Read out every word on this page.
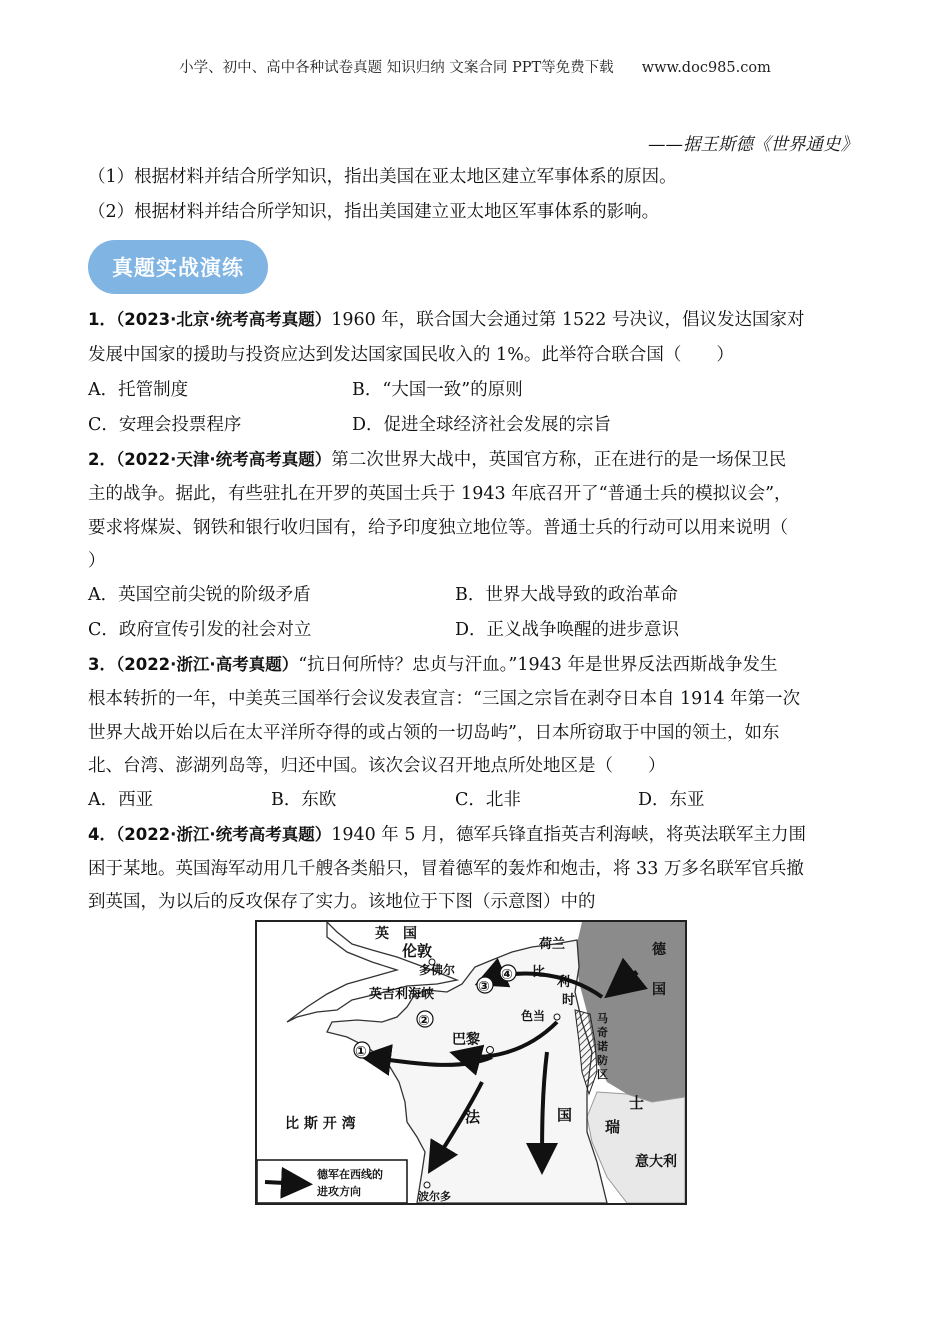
小学、初中、高中各种试卷真题 知识归纳 文案合同 PPT等免费下载 www.doc985.com
——据王斯德《世界通史》
（1）根据材料并结合所学知识，指出美国在亚太地区建立军事体系的原因。
（2）根据材料并结合所学知识，指出美国建立亚太地区军事体系的影响。
真题实战演练
1．（2023·北京·统考高考真题）1960 年，联合国大会通过第 1522 号决议，倡议发达国家对
发展中国家的援助与投资应达到发达国家国民收入的 1%。此举符合联合国（　　）
A．托管制度	B．“大国一致”的原则
C．安理会投票程序	D．促进全球经济社会发展的宗旨
2．（2022·天津·统考高考真题）第二次世界大战中，英国官方称，正在进行的是一场保卫民
主的战争。据此，有些驻扎在开罗的英国士兵于 1943 年底召开了“普通士兵的模拟议会”，
要求将煤炭、钢铁和银行收归国有，给予印度独立地位等。普通士兵的行动可以用来说明（
）
A．英国空前尖锐的阶级矛盾	B．世界大战导致的政治革命
C．政府宣传引发的社会对立	D．正义战争唤醒的进步意识
3．（2022·浙江·高考真题）“抗日何所恃？忠贞与汗血。”1943 年是世界反法西斯战争发生
根本转折的一年，中美英三国举行会议发表宣言：“三国之宗旨在剥夺日本自 1914 年第一次
世界大战开始以后在太平洋所夺得的或占领的一切岛屿”，日本所窃取于中国的领土，如东
北、台湾、澎湖列岛等，归还中国。该次会议召开地点所处地区是（　　）
A．西亚	B．东欧	C．北非	D．东亚
4．（2022·浙江·统考高考真题）1940 年 5 月，德军兵锋直指英吉利海峡，将英法联军主力围
困于某地。英国海军动用几千艘各类船只，冒着德军的轰炸和炮击，将 33 万多名联军官兵撤
到英国，为以后的反攻保存了实力。该地位于下图（示意图）中的
英　国
伦敦
多佛尔
荷兰	德
国
英吉利海峡
比
利
时
色当	马
奇
诺
防
区
巴黎
比 斯 开 湾	法	国
瑞
士
意大利
波尔多
①
②
③
④
德军在西线的
进攻方向
